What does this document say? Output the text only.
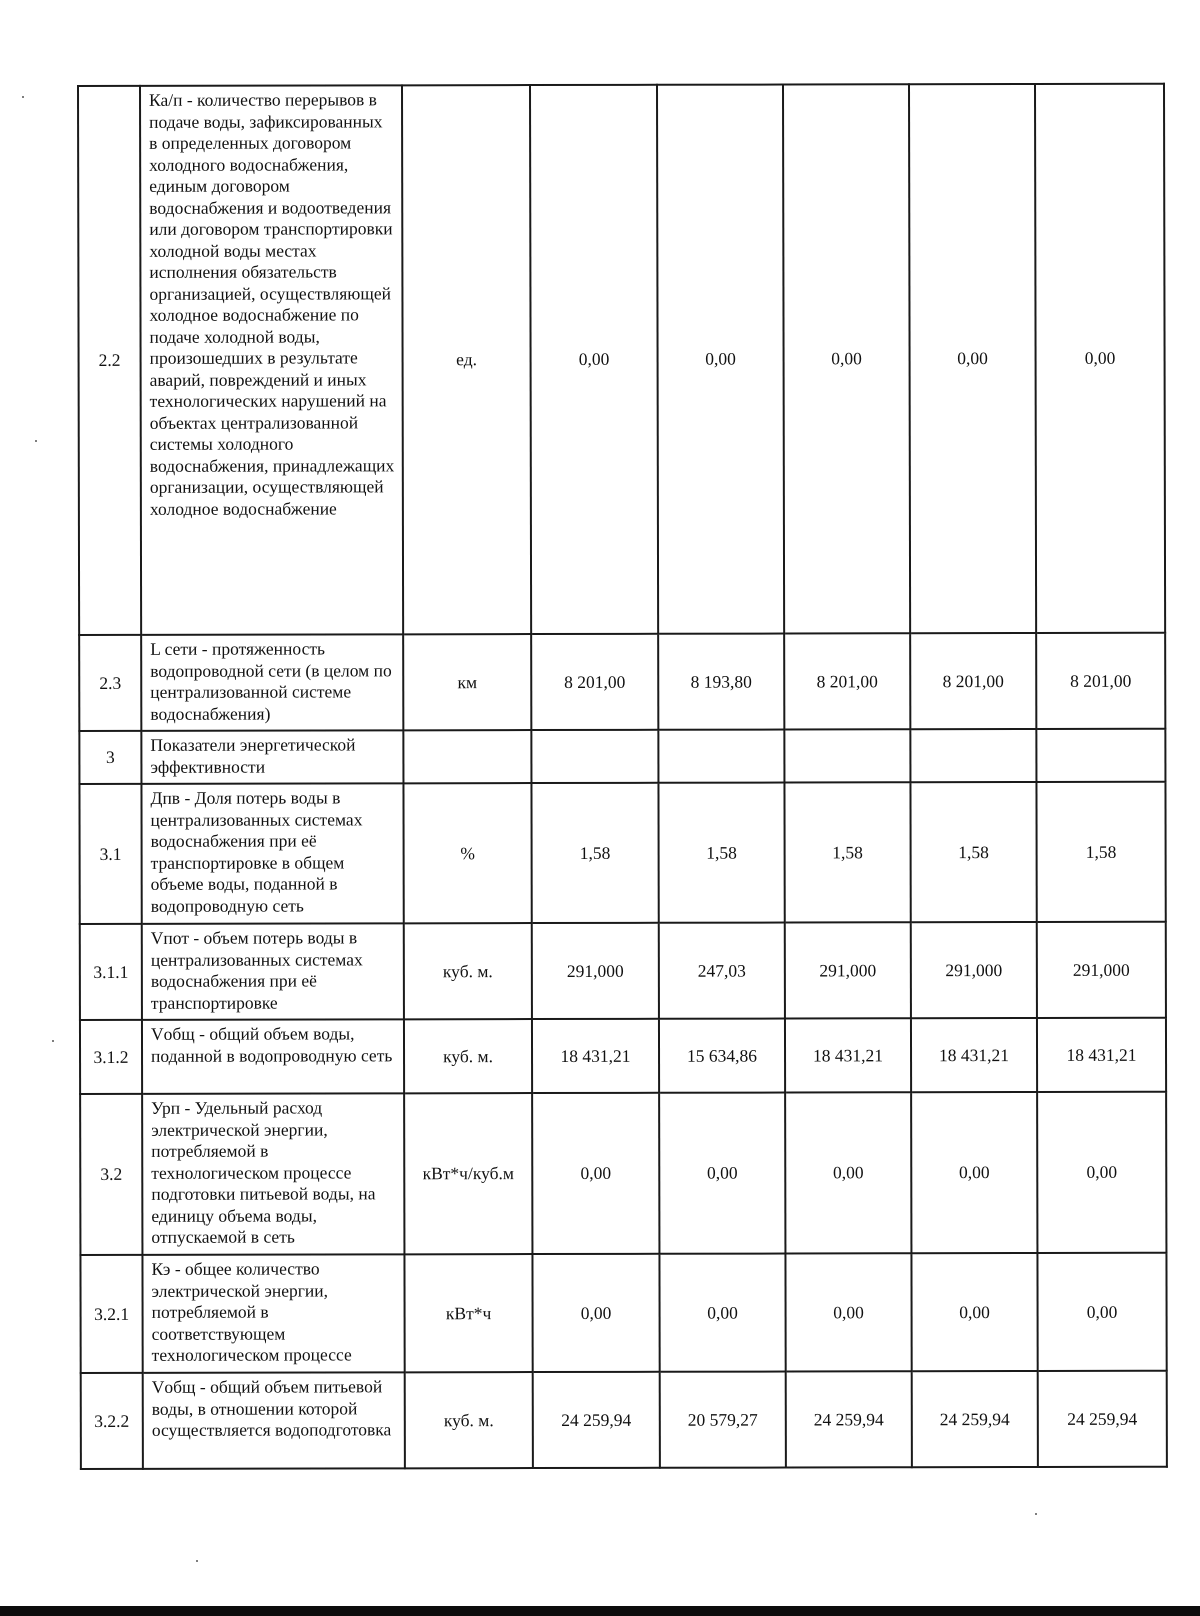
2.2	Ка/п - количество перерывов в подаче воды, зафиксированных в определенных договором холодного водоснабжения, единым договором водоснабжения и водоотведения или договором транспортировки холодной воды местах исполнения обязательств организацией, осуществляющей холодное водоснабжение по подаче холодной воды, произошедших в результате аварий, повреждений и иных технологических нарушений на объектах централизованной системы холодного водоснабжения, принадлежащих организации, осуществляющей холодное водоснабжение	ед.	0,00	0,00	0,00	0,00	0,00
2.3	L сети - протяженность водопроводной сети (в целом по централизованной системе водоснабжения)	км	8 201,00	8 193,80	8 201,00	8 201,00	8 201,00
3	Показатели энергетической эффективности						
3.1	Дпв - Доля потерь воды в централизованных системах водоснабжения при её транспортировке в общем объеме воды, поданной в водопроводную сеть	%	1,58	1,58	1,58	1,58	1,58
3.1.1	Vпот - объем потерь воды в централизованных системах водоснабжения при её транспортировке	куб. м.	291,000	247,03	291,000	291,000	291,000
3.1.2	Vобщ - общий объем воды, поданной в водопроводную сеть	куб. м.	18 431,21	15 634,86	18 431,21	18 431,21	18 431,21
3.2	Урп - Удельный расход электрической энергии, потребляемой в технологическом процессе подготовки питьевой воды, на единицу объема воды, отпускаемой в сеть	кВт*ч/куб.м	0,00	0,00	0,00	0,00	0,00
3.2.1	Кэ - общее количество электрической энергии, потребляемой в соответствующем технологическом процессе	кВт*ч	0,00	0,00	0,00	0,00	0,00
3.2.2	Vобщ - общий объем питьевой воды, в отношении которой осуществляется водоподготовка	куб. м.	24 259,94	20 579,27	24 259,94	24 259,94	24 259,94
